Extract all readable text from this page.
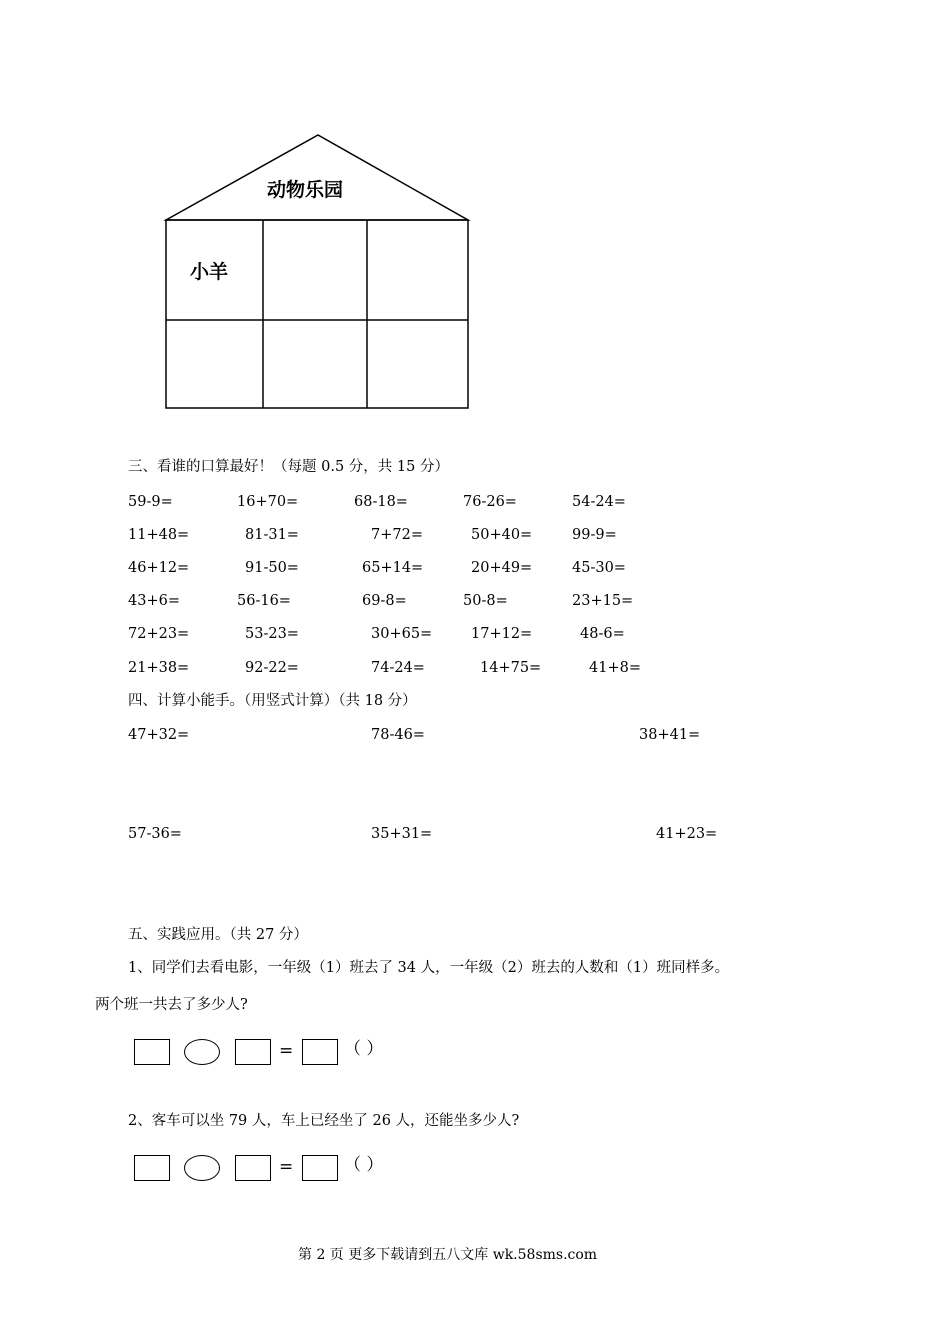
动物乐园
小羊
三、看谁的口算最好！（每题 0.5 分，共 15 分）
59-9=	16+70=	68-18=	76-26=	54-24=
11+48=	81-31=	7+72=	50+40=	99-9=
46+12=	91-50=	65+14=	20+49=	45-30=
43+6=	56-16=	69-8=	50-8=	23+15=
72+23=	53-23=	30+65=	17+12=	48-6=
21+38=	92-22=	74-24=	14+75=	41+8=
四、计算小能手。（用竖式计算）（共 18 分）
47+32=	78-46=	38+41=
57-36=	35+31=	41+23=
五、实践应用。（共 27 分）
1、同学们去看电影，一年级（1）班去了 34 人，一年级（2）班去的人数和（1）班同样多。
两个班一共去了多少人?
=	（ ）
2、客车可以坐 79 人，车上已经坐了 26 人，还能坐多少人?
=	（ ）
第 2 页 更多下载请到五八文库 wk.58sms.com
